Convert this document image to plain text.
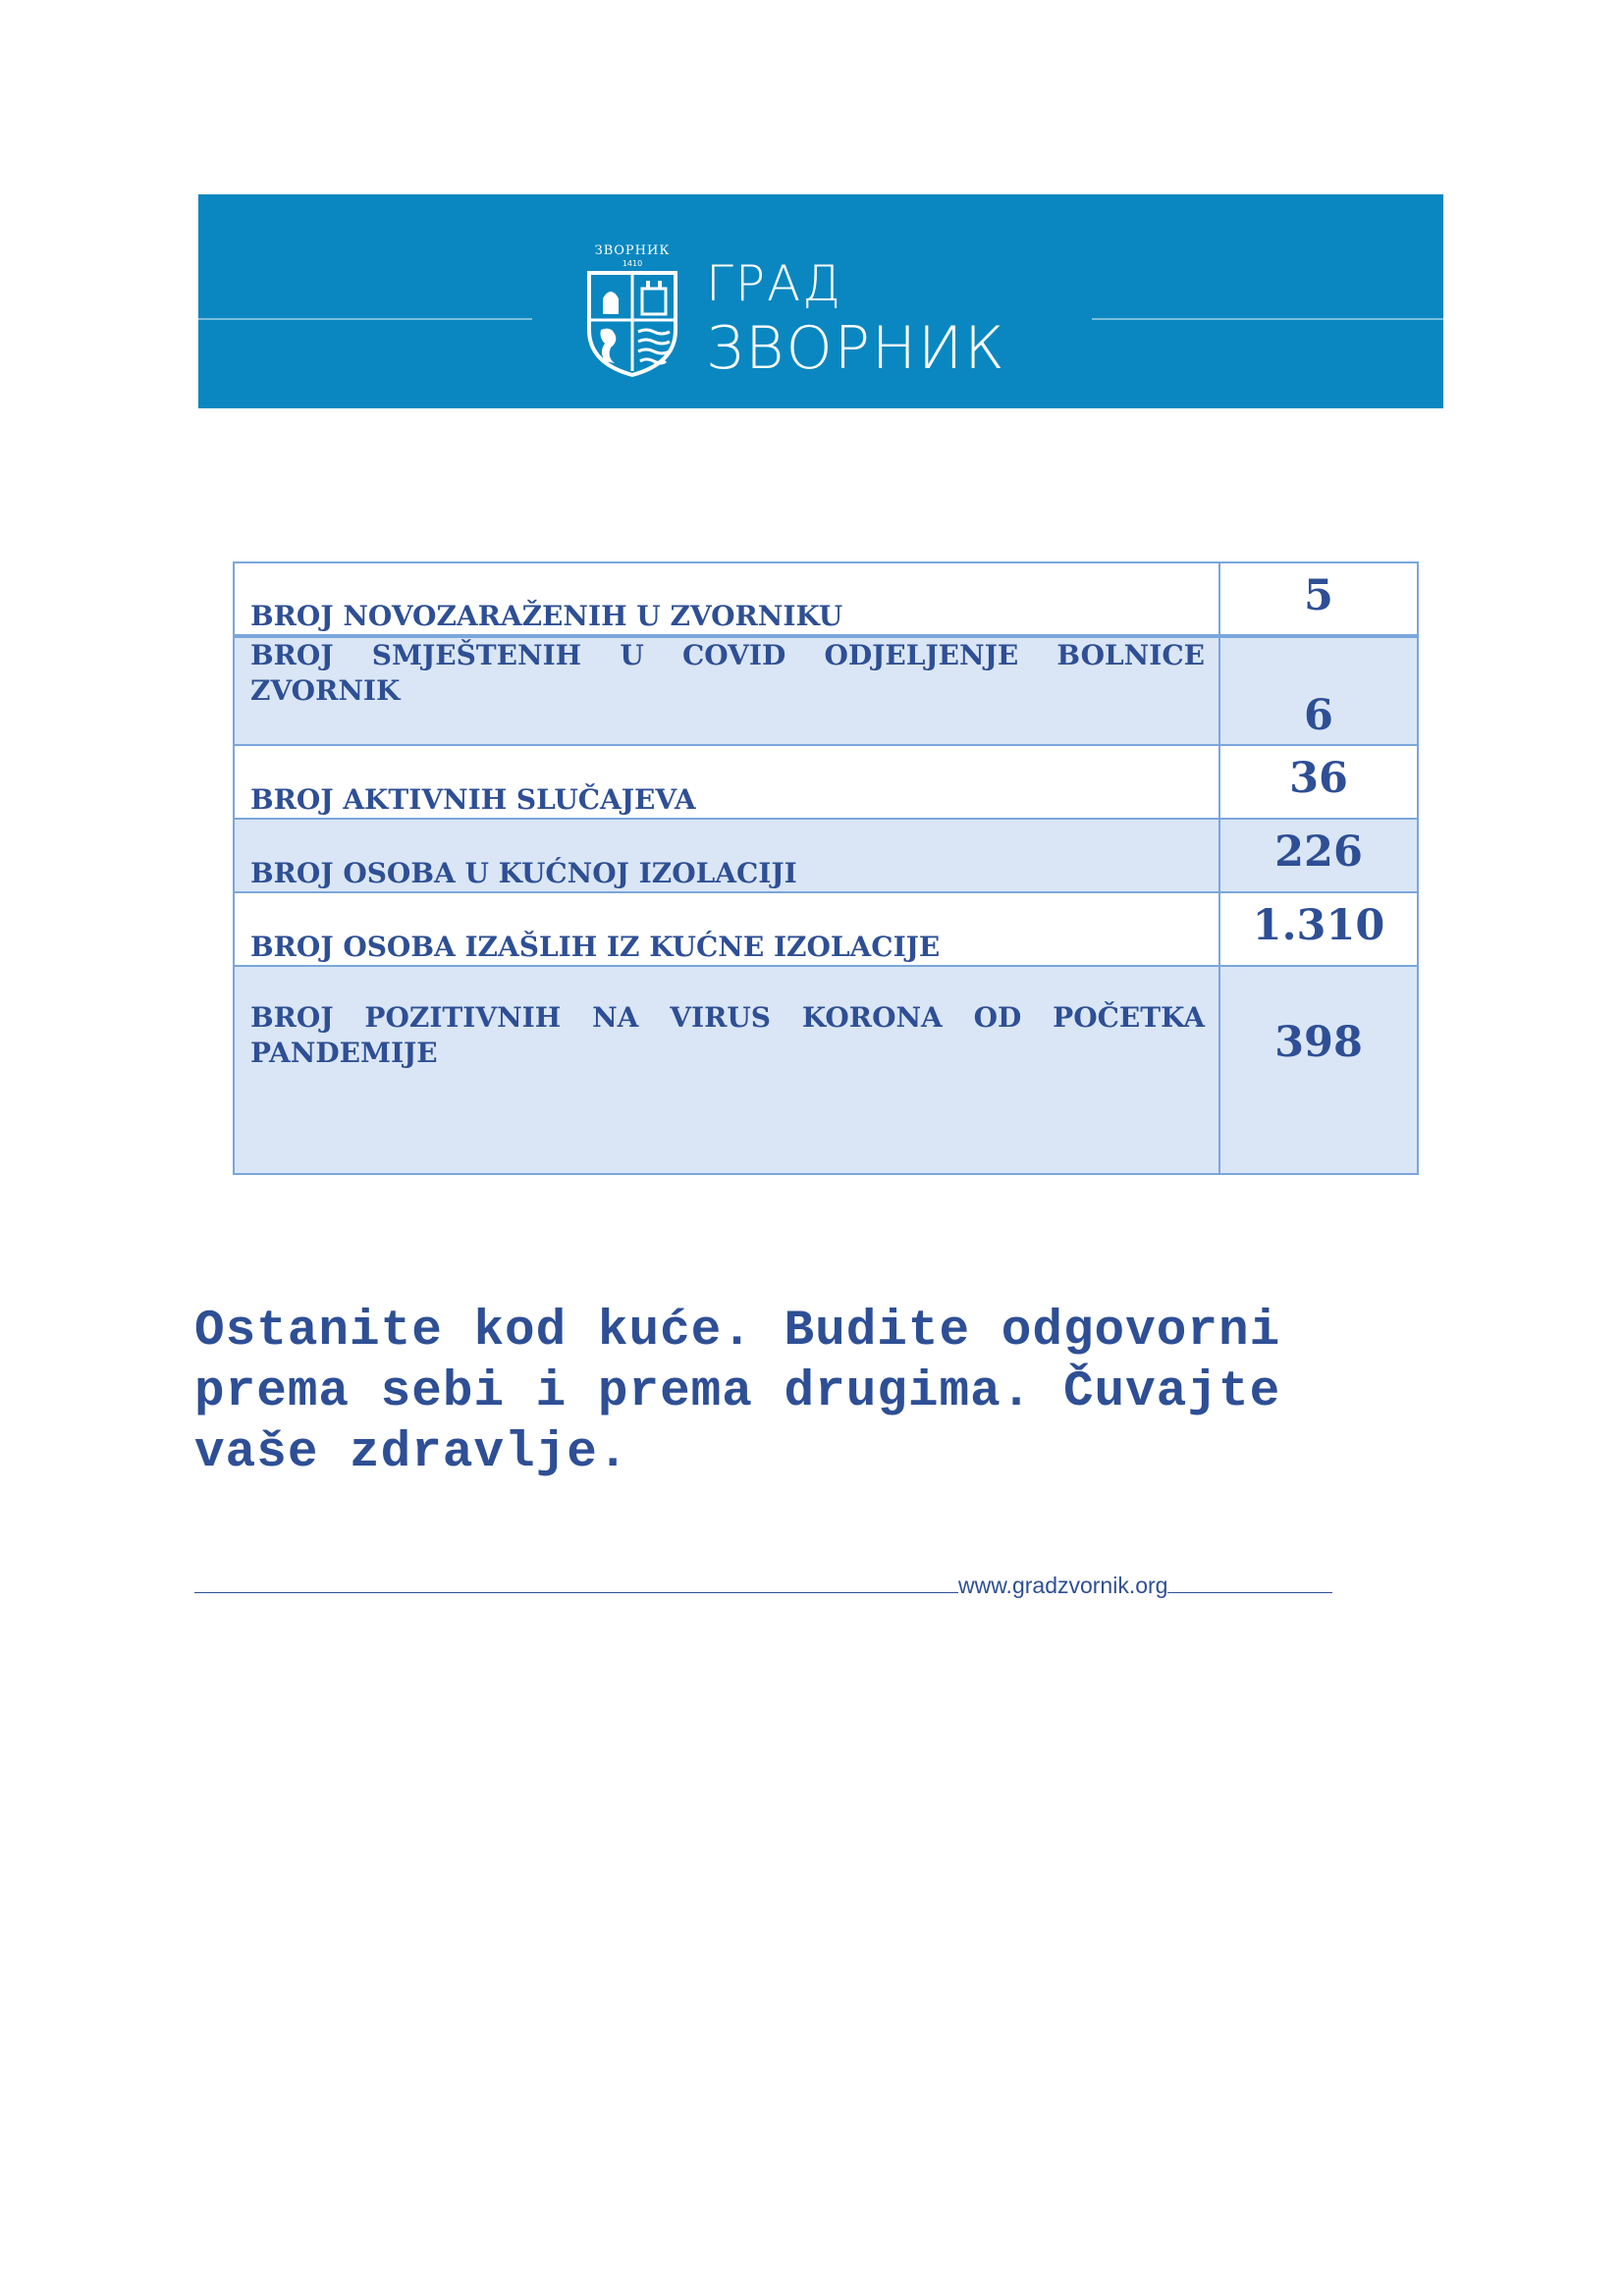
ЗВОРНИК
1410	ГРАД
ЗВОРНИК
BROJ NOVOZARAŽENIH U ZVORNIKU	5
BROJ SMJEŠTENIH U COVID ODJELJENJE BOLNICE ZVORNIK	6
BROJ AKTIVNIH SLUČAJEVA	36
BROJ OSOBA U KUĆNOJ IZOLACIJI	226
BROJ OSOBA IZAŠLIH IZ KUĆNE IZOLACIJE	1.310
BROJ POZITIVNIH NA VIRUS KORONA OD POČETKA PANDEMIJE	398
Ostanite kod kuće. Budite odgovorni prema sebi i prema drugima. Čuvajte vaše zdravlje.
www.gradzvornik.org
